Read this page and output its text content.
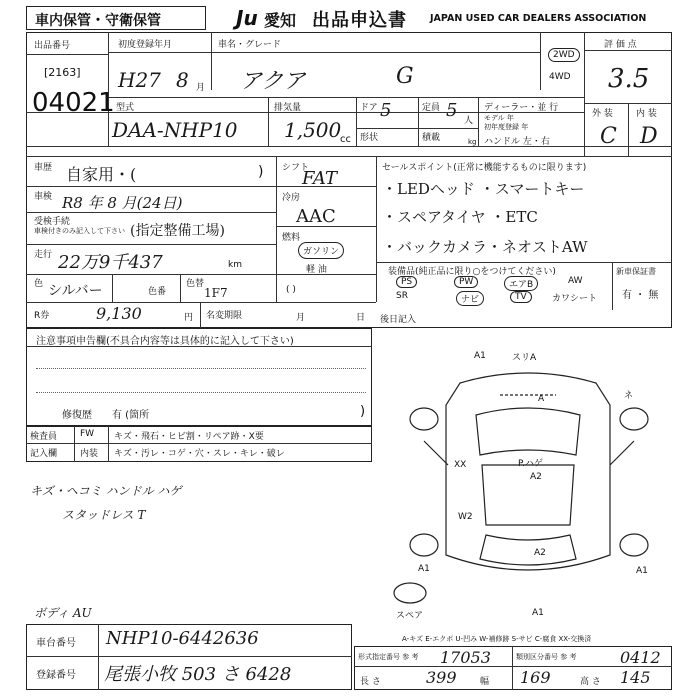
車内保管・守衛保管	Ju 愛知 出品申込書 JAPAN USED CAR DEALERS ASSOCIATION
出品番号
[2163]
04021
初度登録年月
H27 8 月
車名・グレード
アクア	G
2WD
4WD
評 価 点
3.5
型式
DAA-NHP10
排気量
1,500
cc
ドア 5	定員 5 人
形状	積載	kg
ディーラー・並 行
モデル 年
初年度登録 年
ハンドル 左・右
外 装	内 装
C D
車歴 自家用・(	) シフト
FAT
車検 R8 年 8 月(24日)	冷房
AAC
受検手続
車検付きのみ記入して下さい (指定整備工場)	燃料
ガソリン
軽 油
走行 22万9千437	km
色 シルバー	色番
色替
1F7	( )
セールスポイント(正常に機能するものに限ります)
・LEDヘッド ・スマートキー
・スペアタイヤ ・ETC
・バックカメラ・ネオストAW
装備品(純正品に限り○をつけてください)
PS	PW	エアB	AW
SR	ナビ	TV	カワシート
新車保証書
有 ・ 無
R券	9,130	円 名変期限	月	日 後日記入
注意事項申告欄(不具合内容等は具体的に記入して下さい)
修復歴 有 (箇所	)
検査員
記入欄
FW キズ・飛石・ヒビ割・リペア跡・X要
内装 キズ・汚レ・コゲ・穴・スレ・キレ・破レ
キズ・ヘコミ ハンドル ハゲ
スタッドレス T
ボディ AU
A1	スリA
A	ネ
XX	P.ハゲ
A2
W2
A2
A1	A1
A1
スペア
A-キズ E-エクボ U-凹み W-補修跡 S-サビ C-腐食 XX-交換済
車台番号 NHP10-6442636
登録番号 尾張小牧 503 さ 6428
形式指定番号 参 考 17053	類別区分番号 参 考	0412
長 さ	399	幅 169	高 さ 145
